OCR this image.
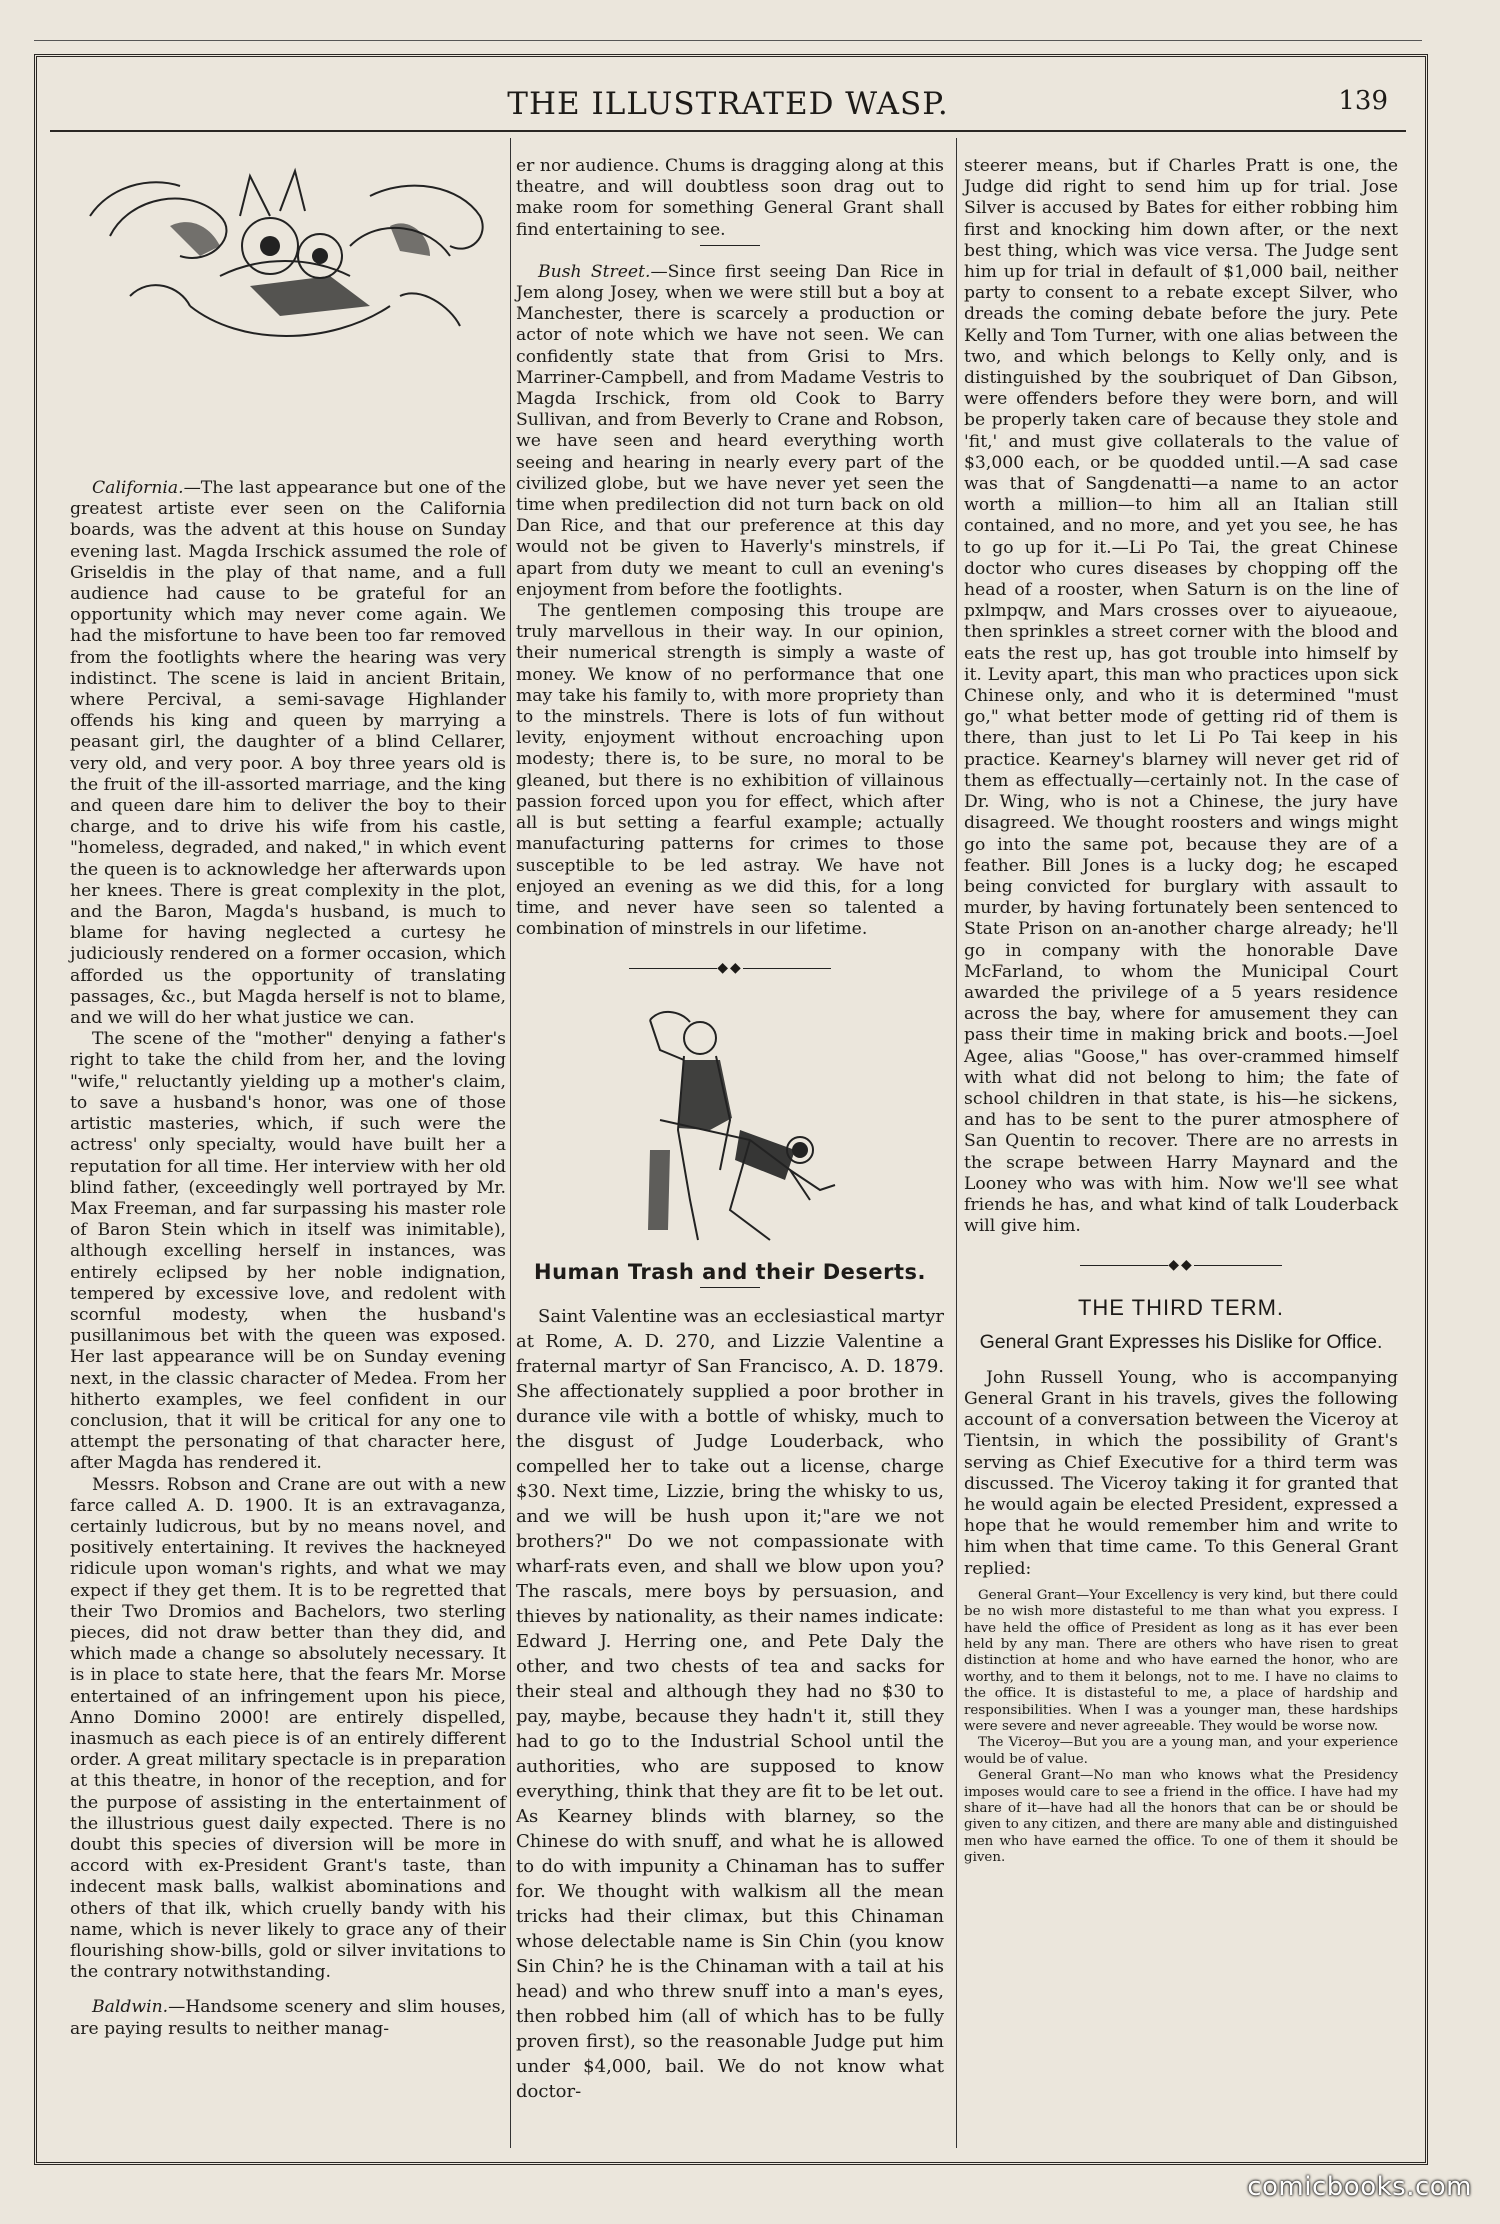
THE ILLUSTRATED WASP.	139

California.—The last appearance but one of the greatest artiste ever seen on the California boards, was the advent at this house on Sunday evening last. Magda Irschick assumed the role of Griseldis in the play of that name, and a full audience had cause to be grateful for an opportunity which may never come again. We had the misfortune to have been too far removed from the footlights where the hearing was very indistinct. The scene is laid in ancient Britain, where Percival, a semi-savage Highlander offends his king and queen by marrying a peasant girl, the daughter of a blind Cellarer, very old, and very poor. A boy three years old is the fruit of the ill-assorted marriage, and the king and queen dare him to deliver the boy to their charge, and to drive his wife from his castle, "homeless, degraded, and naked," in which event the queen is to acknowledge her afterwards upon her knees. There is great complexity in the plot, and the Baron, Magda's husband, is much to blame for having neglected a curtesy he judiciously rendered on a former occasion, which afforded us the opportunity of translating passages, &c., but Magda herself is not to blame, and we will do her what justice we can.

The scene of the "mother" denying a father's right to take the child from her, and the loving "wife," reluctantly yielding up a mother's claim, to save a husband's honor, was one of those artistic masteries, which, if such were the actress' only specialty, would have built her a reputation for all time. Her interview with her old blind father, (exceedingly well portrayed by Mr. Max Freeman, and far surpassing his master role of Baron Stein which in itself was inimitable), although excelling herself in instances, was entirely eclipsed by her noble indignation, tempered by excessive love, and redolent with scornful modesty, when the husband's pusillanimous bet with the queen was exposed. Her last appearance will be on Sunday evening next, in the classic character of Medea. From her hitherto examples, we feel confident in our conclusion, that it will be critical for any one to attempt the personating of that character here, after Magda has rendered it.

Messrs. Robson and Crane are out with a new farce called A. D. 1900. It is an extravaganza, certainly ludicrous, but by no means novel, and positively entertaining. It revives the hackneyed ridicule upon woman's rights, and what we may expect if they get them. It is to be regretted that their Two Dromios and Bachelors, two sterling pieces, did not draw better than they did, and which made a change so absolutely necessary. It is in place to state here, that the fears Mr. Morse entertained of an infringement upon his piece, Anno Domino 2000! are entirely dispelled, inasmuch as each piece is of an entirely different order. A great military spectacle is in preparation at this theatre, in honor of the reception, and for the purpose of assisting in the entertainment of the illustrious guest daily expected. There is no doubt this species of diversion will be more in accord with ex-President Grant's taste, than indecent mask balls, walkist abominations and others of that ilk, which cruelly bandy with his name, which is never likely to grace any of their flourishing show-bills, gold or silver invitations to the contrary notwithstanding.

Baldwin.—Handsome scenery and slim houses, are paying results to neither manag-

er nor audience. Chums is dragging along at this theatre, and will doubtless soon drag out to make room for something General Grant shall find entertaining to see.

Bush Street.—Since first seeing Dan Rice in Jem along Josey, when we were still but a boy at Manchester, there is scarcely a production or actor of note which we have not seen. We can confidently state that from Grisi to Mrs. Marriner-Campbell, and from Madame Vestris to Magda Irschick, from old Cook to Barry Sullivan, and from Beverly to Crane and Robson, we have seen and heard everything worth seeing and hearing in nearly every part of the civilized globe, but we have never yet seen the time when predilection did not turn back on old Dan Rice, and that our preference at this day would not be given to Haverly's minstrels, if apart from duty we meant to cull an evening's enjoyment from before the footlights.

The gentlemen composing this troupe are truly marvellous in their way. In our opinion, their numerical strength is simply a waste of money. We know of no performance that one may take his family to, with more propriety than to the minstrels. There is lots of fun without levity, enjoyment without encroaching upon modesty; there is, to be sure, no moral to be gleaned, but there is no exhibition of villainous passion forced upon you for effect, which after all is but setting a fearful example; actually manufacturing patterns for crimes to those susceptible to be led astray. We have not enjoyed an evening as we did this, for a long time, and never have seen so talented a combination of minstrels in our lifetime.

◆◆
Human Trash and their Deserts.

Saint Valentine was an ecclesiastical martyr at Rome, A. D. 270, and Lizzie Valentine a fraternal martyr of San Francisco, A. D. 1879. She affectionately supplied a poor brother in durance vile with a bottle of whisky, much to the disgust of Judge Louderback, who compelled her to take out a license, charge $30. Next time, Lizzie, bring the whisky to us, and we will be hush upon it;"are we not brothers?" Do we not compassionate with wharf-rats even, and shall we blow upon you? The rascals, mere boys by persuasion, and thieves by nationality, as their names indicate: Edward J. Herring one, and Pete Daly the other, and two chests of tea and sacks for their steal and although they had no $30 to pay, maybe, because they hadn't it, still they had to go to the Industrial School until the authorities, who are supposed to know everything, think that they are fit to be let out. As Kearney blinds with blarney, so the Chinese do with snuff, and what he is allowed to do with impunity a Chinaman has to suffer for. We thought with walkism all the mean tricks had their climax, but this Chinaman whose delectable name is Sin Chin (you know Sin Chin? he is the Chinaman with a tail at his head) and who threw snuff into a man's eyes, then robbed him (all of which has to be fully proven first), so the reasonable Judge put him under $4,000, bail. We do not know what doctor-

steerer means, but if Charles Pratt is one, the Judge did right to send him up for trial. Jose Silver is accused by Bates for either robbing him first and knocking him down after, or the next best thing, which was vice versa. The Judge sent him up for trial in default of $1,000 bail, neither party to consent to a rebate except Silver, who dreads the coming debate before the jury. Pete Kelly and Tom Turner, with one alias between the two, and which belongs to Kelly only, and is distinguished by the soubriquet of Dan Gibson, were offenders before they were born, and will be properly taken care of because they stole and 'fit,' and must give collaterals to the value of $3,000 each, or be quodded until.—A sad case was that of Sangdenatti—a name to an actor worth a million—to him all an Italian still contained, and no more, and yet you see, he has to go up for it.—Li Po Tai, the great Chinese doctor who cures diseases by chopping off the head of a rooster, when Saturn is on the line of pxlmpqw, and Mars crosses over to aiyueaoue, then sprinkles a street corner with the blood and eats the rest up, has got trouble into himself by it. Levity apart, this man who practices upon sick Chinese only, and who it is determined "must go," what better mode of getting rid of them is there, than just to let Li Po Tai keep in his practice. Kearney's blarney will never get rid of them as effectually—certainly not. In the case of Dr. Wing, who is not a Chinese, the jury have disagreed. We thought roosters and wings might go into the same pot, because they are of a feather. Bill Jones is a lucky dog; he escaped being convicted for burglary with assault to murder, by having fortunately been sentenced to State Prison on an-another charge already; he'll go in company with the honorable Dave McFarland, to whom the Municipal Court awarded the privilege of a 5 years residence across the bay, where for amusement they can pass their time in making brick and boots.—Joel Agee, alias "Goose," has over-crammed himself with what did not belong to him; the fate of school children in that state, is his—he sickens, and has to be sent to the purer atmosphere of San Quentin to recover. There are no arrests in the scrape between Harry Maynard and the Looney who was with him. Now we'll see what friends he has, and what kind of talk Louderback will give him.

◆◆
THE THIRD TERM.
General Grant Expresses his Dislike for Office.

John Russell Young, who is accompanying General Grant in his travels, gives the following account of a conversation between the Viceroy at Tientsin, in which the possibility of Grant's serving as Chief Executive for a third term was discussed. The Viceroy taking it for granted that he would again be elected President, expressed a hope that he would remember him and write to him when that time came. To this General Grant replied:

General Grant—Your Excellency is very kind, but there could be no wish more distasteful to me than what you express. I have held the office of President as long as it has ever been held by any man. There are others who have risen to great distinction at home and who have earned the honor, who are worthy, and to them it belongs, not to me. I have no claims to the office. It is distasteful to me, a place of hardship and responsibilities. When I was a younger man, these hardships were severe and never agreeable. They would be worse now.

The Viceroy—But you are a young man, and your experience would be of value.

General Grant—No man who knows what the Presidency imposes would care to see a friend in the office. I have had my share of it—have had all the honors that can be or should be given to any citizen, and there are many able and distinguished men who have earned the office. To one of them it should be given.

comicbooks.com
